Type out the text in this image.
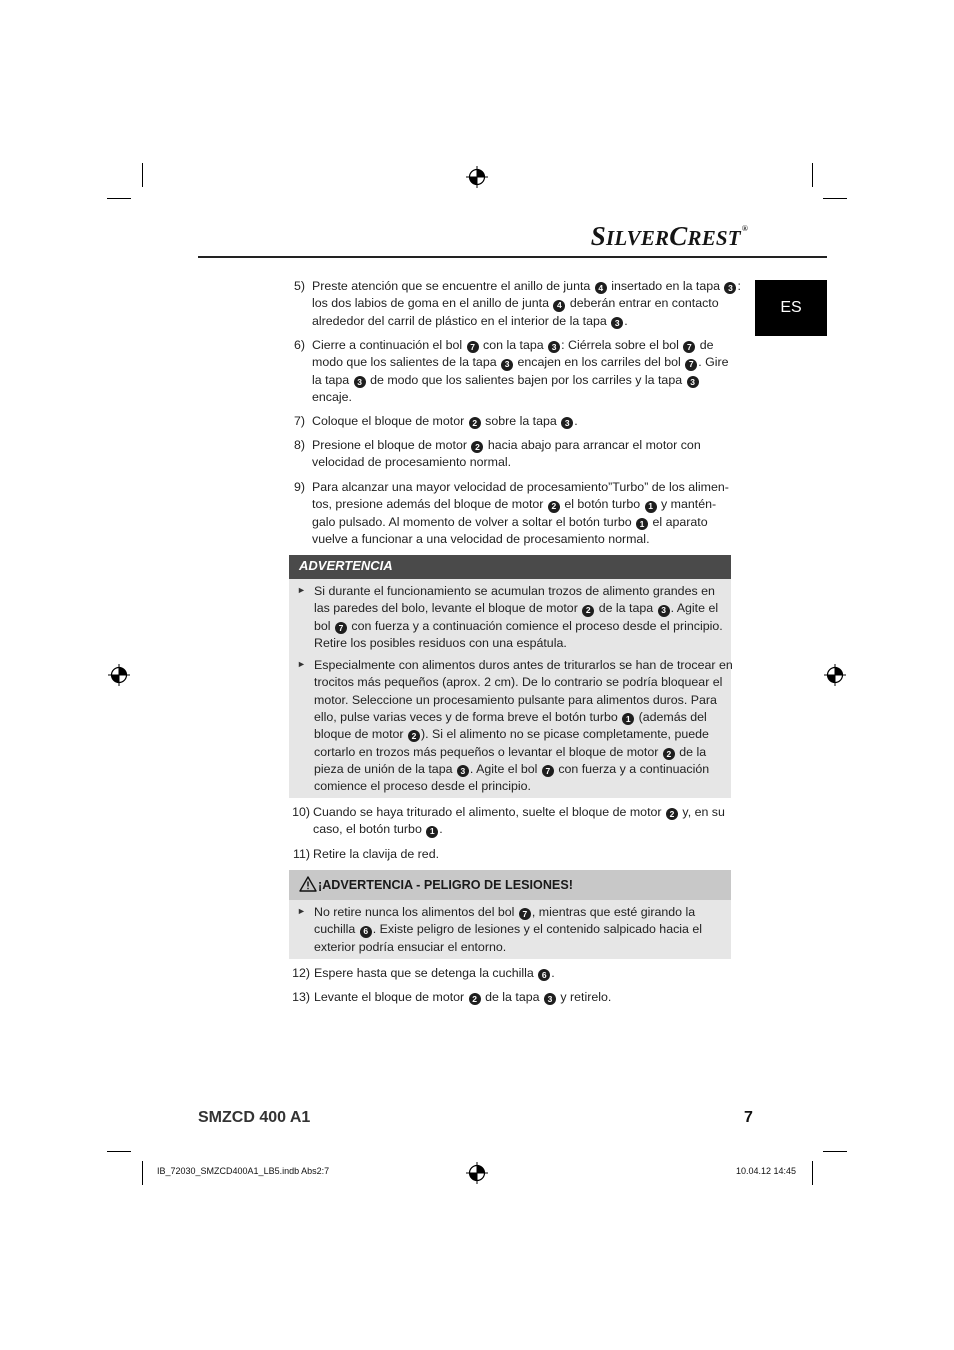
SILVERCREST®
ES
ADVERTENCIA
¡ADVERTENCIA - PELIGRO DE LESIONES!
5) Preste atención que se encuentre el anillo de junta 4 insertado en la tapa 3 :
los dos labios de goma en el anillo de junta 4 deberán entrar en contacto
alrededor del carril de plástico en el interior de la tapa 3 .
6) Cierre a continuación el bol 7 con la tapa 3 : Ciérrela sobre el bol 7 de
modo que los salientes de la tapa 3 encajen en los carriles del bol 7 . Gire
la tapa 3 de modo que los salientes bajen por los carriles y la tapa 3
encaje.
7) Coloque el bloque de motor 2 sobre la tapa 3 .
8) Presione el bloque de motor 2 hacia abajo para arrancar el motor con
velocidad de procesamiento normal.
9) Para alcanzar una mayor velocidad de procesamiento”Turbo” de los alimen-
tos, presione además del bloque de motor 2 el botón turbo 1 y mantén-
galo pulsado. Al momento de volver a soltar el botón turbo 1 el aparato
vuelve a funcionar a una velocidad de procesamiento normal.
► Si durante el funcionamiento se acumulan trozos de alimento grandes en
las paredes del bolo, levante el bloque de motor 2 de la tapa 3 . Agite el
bol 7 con fuerza y a continuación comience el proceso desde el principio.
Retire los posibles residuos con una espátula.
► Especialmente con alimentos duros antes de triturarlos se han de trocear en
trocitos más pequeños (aprox. 2 cm). De lo contrario se podría bloquear el
motor. Seleccione un procesamiento pulsante para alimentos duros. Para
ello, pulse varias veces y de forma breve el botón turbo 1 (además del
bloque de motor 2 ). Si el alimento no se picase completamente, puede
cortarlo en trozos más pequeños o levantar el bloque de motor 2 de la
pieza de unión de la tapa 3 . Agite el bol 7 con fuerza y a continuación
comience el proceso desde el principio.
10) Cuando se haya triturado el alimento, suelte el bloque de motor 2 y, en su
caso, el botón turbo 1 .
11) Retire la clavija de red.
► No retire nunca los alimentos del bol 7 , mientras que esté girando la
cuchilla 6 . Existe peligro de lesiones y el contenido salpicado hacia el
exterior podría ensuciar el entorno.
12) Espere hasta que se detenga la cuchilla 6 .
13) Levante el bloque de motor 2 de la tapa 3 y retirelo.
SMZCD 400 A1	7
IB_72030_SMZCD400A1_LB5.indb Abs2:7	10.04.12 14:45
